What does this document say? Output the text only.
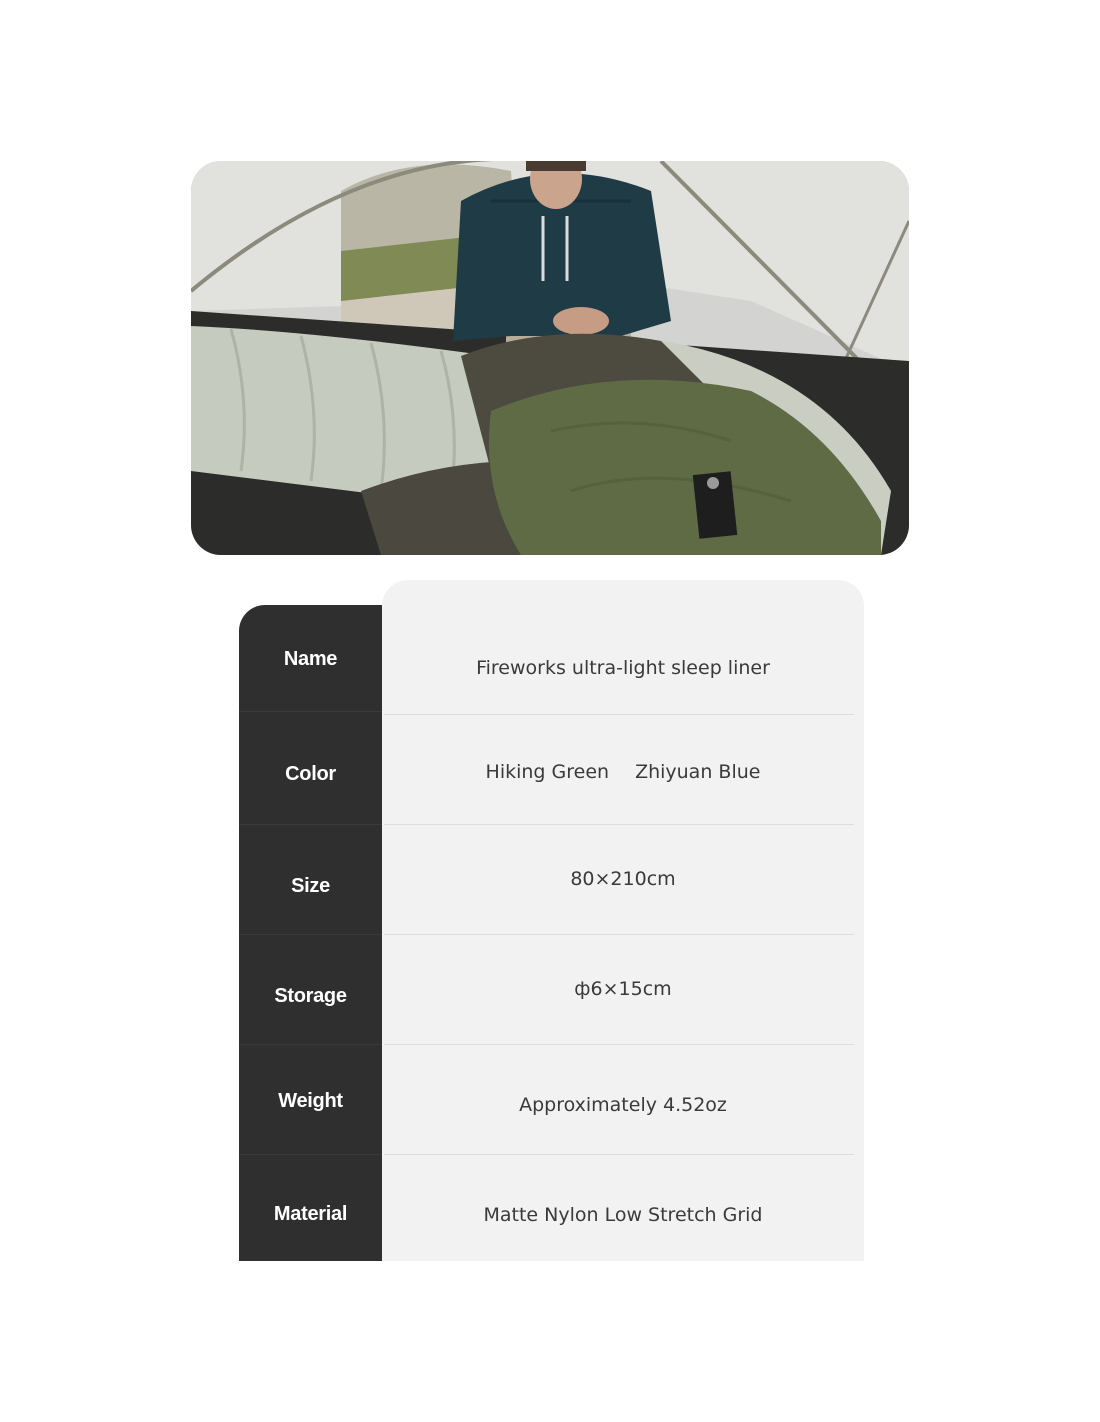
Name
Color
Size
Storage
Weight
Material
Fireworks ultra-light sleep liner
Hiking Green Zhiyuan Blue
80×210cm
ф6×15cm
Approximately 4.52oz
Matte Nylon Low Stretch Grid
